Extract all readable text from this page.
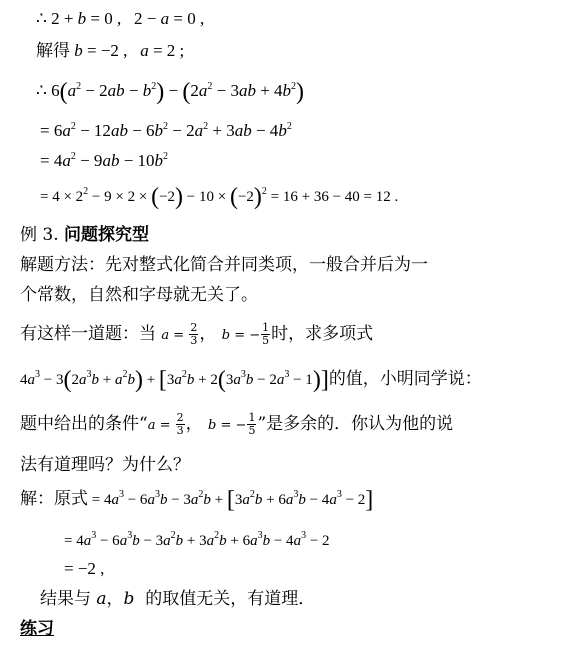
∴ 2 + b = 0 ,   2 − a = 0 ,
解得 b = −2 ,   a = 2 ;
∴ $6(a^2 - 2ab - b^2) - (2a^2 - 3ab + 4b^2)$
= $6a^2 - 12ab - 6b^2 - 2a^2 + 3ab - 4b^2$
= $4a^2 - 9ab - 10b^2$
= $4 \times 2^2 - 9 \times 2 \times (-2) - 10 \times (-2)^2 = 16 + 36 - 40 = 12$ .
例 3. 问题探究型
解题方法：先对整式化简合并同类项，一般合并后为一
个常数，自然和字母就无关了。
有这样一道题：当 $a = \frac{2}{3}$ ， b = − $\frac{1}{5}$ 时，求多项式
$4a^3 - 3(2a^3b + a^2b) + [3a^2b + 2(3a^3b - 2a^3 - 1)]$的值，小明同学说：
题中给出的条件“$a = \frac{2}{3}$ ， b = − $\frac{1}{5}$ ”是多余的．你认为他的说
法有道理吗？为什么？
解：原式 = $4a^3 - 6a^3b - 3a^2b + [3a^2b + 6a^3b - 4a^3 - 2]$
= $4a^3 - 6a^3b - 3a^2b + 3a^2b + 6a^3b - 4a^3 - 2$
= −2 ,
结果与 a，b  的取值无关，有道理．
练习
